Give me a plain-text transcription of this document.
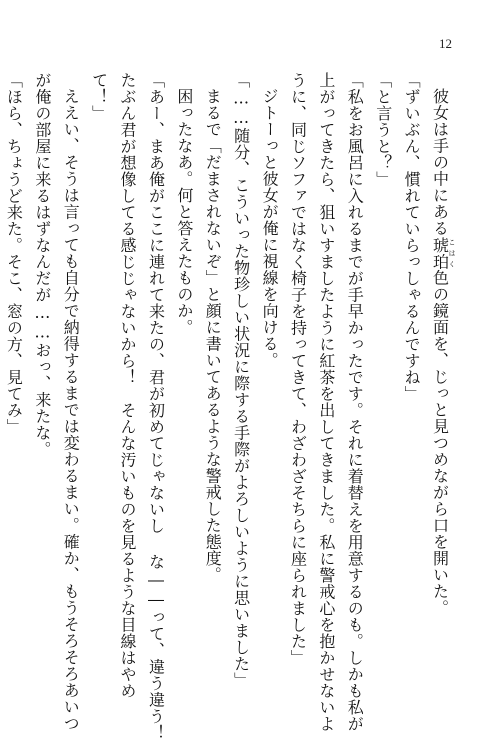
12
彼女は手の中にある琥珀こはく色の鏡面を、じっと見つめながら口を開いた。
「ずいぶん、慣れていらっしゃるんですね」
「と言うと？」
「私をお風呂に入れるまでが手早かったです。それに着替えを用意するのも。しかも私が
上がってきたら、狙いすましたように紅茶を出してきました。私に警戒心を抱かせないよ
うに、同じソファではなく椅子を持ってきて、わざわざそちらに座られました」
ジトーっと彼女が俺に視線を向ける。
「……随分、こういった物珍しい状況に際する手際がよろしいように思いました」
まるで「だまされないぞ」と顔に書いてあるような警戒した態度。
困ったなあ。何と答えたものか。
「あー、まあ俺がここに連れて来たの、君が初めてじゃないし な――って、違う違う！
たぶん君が想像してる感じじゃないから！　そんな汚いものを見るような目線はやめ
て！」
ええい、そうは言っても自分で納得するまでは変わるまい。確か、もうそろそろあいつ
が俺の部屋に来るはずなんだが……おっ、来たな。
「ほら、ちょうど来た。そこ、窓の方、見てみ」
